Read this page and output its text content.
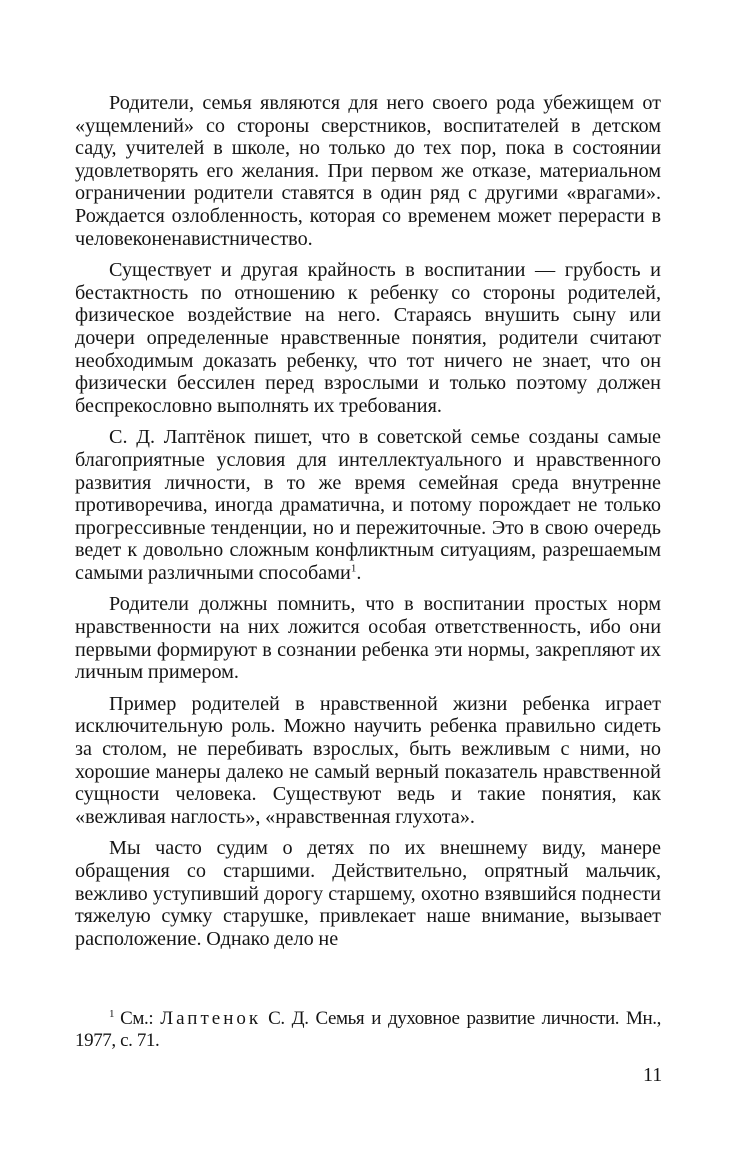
Родители, семья являются для него своего рода убежищем от «ущемлений» со стороны сверстников, воспитателей в детском саду, учителей в школе, но только до тех пор, пока в состоянии удовлетворять его желания. При первом же отказе, материальном ограничении родители ставятся в один ряд с другими «врагами». Рождается озлобленность, которая со временем может перерасти в человеконенавистничество.

Существует и другая крайность в воспитании — грубость и бестактность по отношению к ребенку со стороны родителей, физическое воздействие на него. Стараясь внушить сыну или дочери определенные нравственные понятия, родители считают необходимым доказать ребенку, что тот ничего не знает, что он физически бессилен перед взрослыми и только поэтому должен беспрекословно выполнять их требования.

С. Д. Лаптёнок пишет, что в советской семье созданы самые благоприятные условия для интеллектуального и нравственного развития личности, в то же время семейная среда внутренне противоречива, иногда драматична, и потому порождает не только прогрессивные тенденции, но и пережиточные. Это в свою очередь ведет к довольно сложным конфликтным ситуациям, разрешаемым самыми различными способами$^1$.

Родители должны помнить, что в воспитании простых норм нравственности на них ложится особая ответственность, ибо они первыми формируют в сознании ребенка эти нормы, закрепляют их личным примером.

Пример родителей в нравственной жизни ребенка играет исключительную роль. Можно научить ребенка правильно сидеть за столом, не перебивать взрослых, быть вежливым с ними, но хорошие манеры далеко не самый верный показатель нравственной сущности человека. Существуют ведь и такие понятия, как «вежливая наглость», «нравственная глухота».

Мы часто судим о детях по их внешнему виду, манере обращения со старшими. Действительно, опрятный мальчик, вежливо уступивший дорогу старшему, охотно взявшийся поднести тяжелую сумку старушке, привлекает наше внимание, вызывает расположение. Однако дело не

$^1$ См.: Лаптенок С. Д. Семья и духовное развитие личности. Мн., 1977, с. 71.

11
